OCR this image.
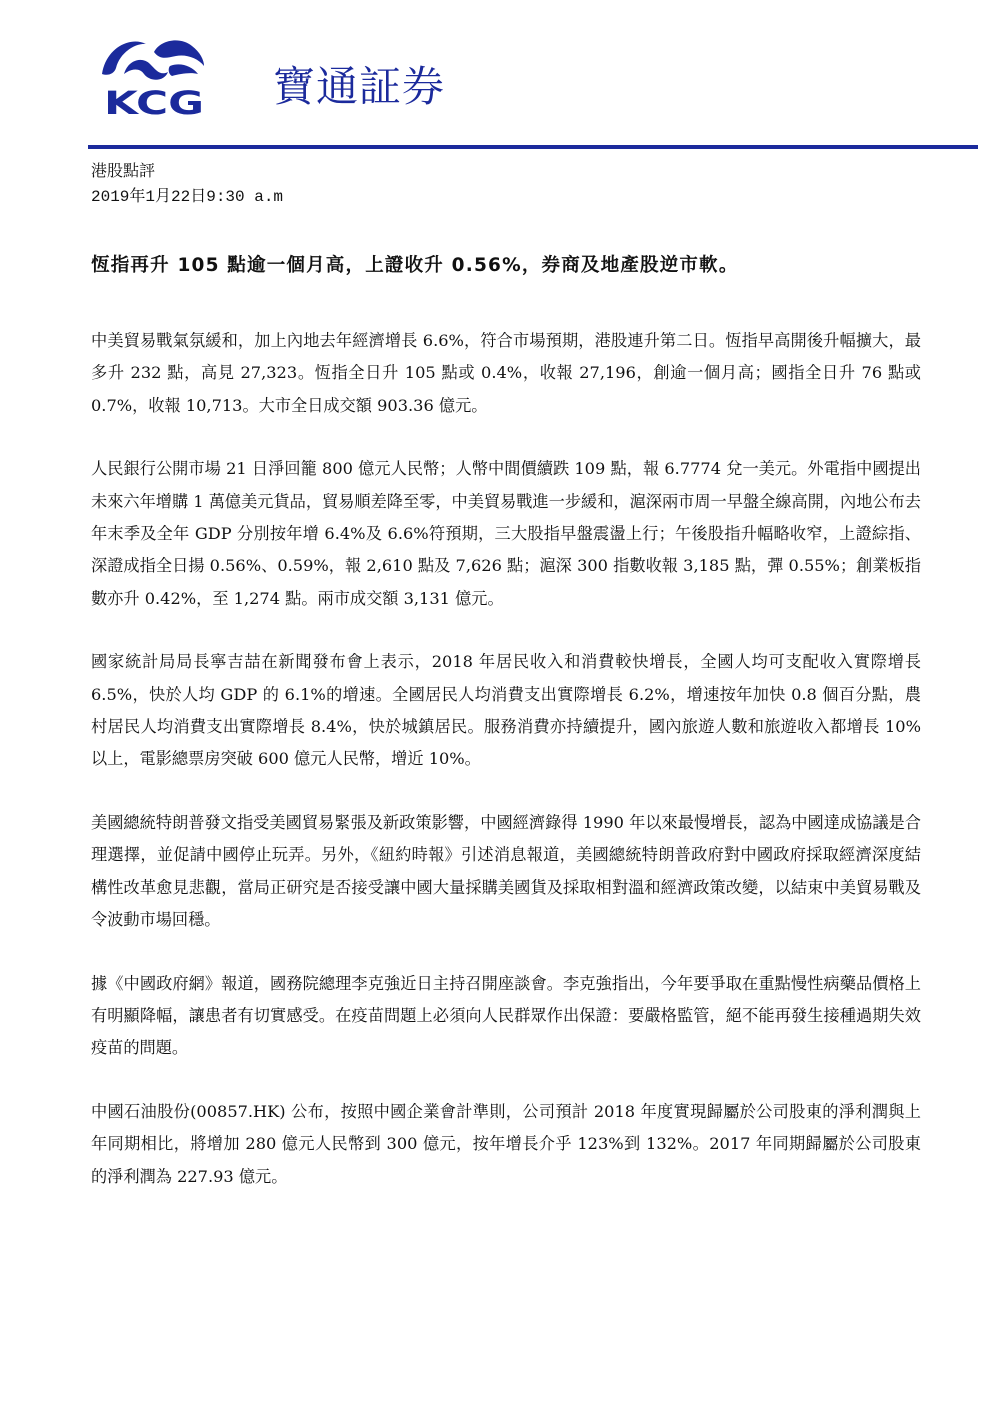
KCG 寶通証券
港股點評
2019年1月22日9:30 a.m
恆指再升 105 點逾一個月高，上證收升 0.56%，券商及地產股逆市軟。

中美貿易戰氣氛緩和，加上內地去年經濟增長 6.6%，符合市場預期，港股連升第二日。恆指早高開後升幅擴大，最多升 232 點，高見 27,323。恆指全日升 105 點或 0.4%，收報 27,196，創逾一個月高；國指全日升 76 點或 0.7%，收報 10,713。大市全日成交額 903.36 億元。

人民銀行公開市場 21 日淨回籠 800 億元人民幣；人幣中間價續跌 109 點，報 6.7774 兌一美元。外電指中國提出未來六年增購 1 萬億美元貨品，貿易順差降至零，中美貿易戰進一步緩和，滬深兩市周一早盤全線高開，內地公布去年末季及全年 GDP 分別按年增 6.4%及 6.6%符預期，三大股指早盤震盪上行；午後股指升幅略收窄，上證綜指、深證成指全日揚 0.56%、0.59%，報 2,610 點及 7,626 點；滬深 300 指數收報 3,185 點，彈 0.55%；創業板指數亦升 0.42%，至 1,274 點。兩市成交額 3,131 億元。

國家統計局局長寧吉喆在新聞發布會上表示，2018 年居民收入和消費較快增長，全國人均可支配收入實際增長 6.5%，快於人均 GDP 的 6.1%的增速。全國居民人均消費支出實際增長 6.2%，增速按年加快 0.8 個百分點，農村居民人均消費支出實際增長 8.4%，快於城鎮居民。服務消費亦持續提升，國內旅遊人數和旅遊收入都增長 10%以上，電影總票房突破 600 億元人民幣，增近 10%。

美國總統特朗普發文指受美國貿易緊張及新政策影響，中國經濟錄得 1990 年以來最慢增長，認為中國達成協議是合理選擇，並促請中國停止玩弄。另外，《紐約時報》引述消息報道，美國總統特朗普政府對中國政府採取經濟深度結構性改革愈見悲觀，當局正研究是否接受讓中國大量採購美國貨及採取相對溫和經濟政策改變，以結束中美貿易戰及令波動市場回穩。

據《中國政府網》報道，國務院總理李克強近日主持召開座談會。李克強指出，今年要爭取在重點慢性病藥品價格上有明顯降幅，讓患者有切實感受。在疫苗問題上必須向人民群眾作出保證：要嚴格監管，絕不能再發生接種過期失效疫苗的問題。

中國石油股份(00857.HK) 公布，按照中國企業會計準則，公司預計 2018 年度實現歸屬於公司股東的淨利潤與上年同期相比，將增加 280 億元人民幣到 300 億元，按年增長介乎 123%到 132%。2017 年同期歸屬於公司股東的淨利潤為 227.93 億元。
